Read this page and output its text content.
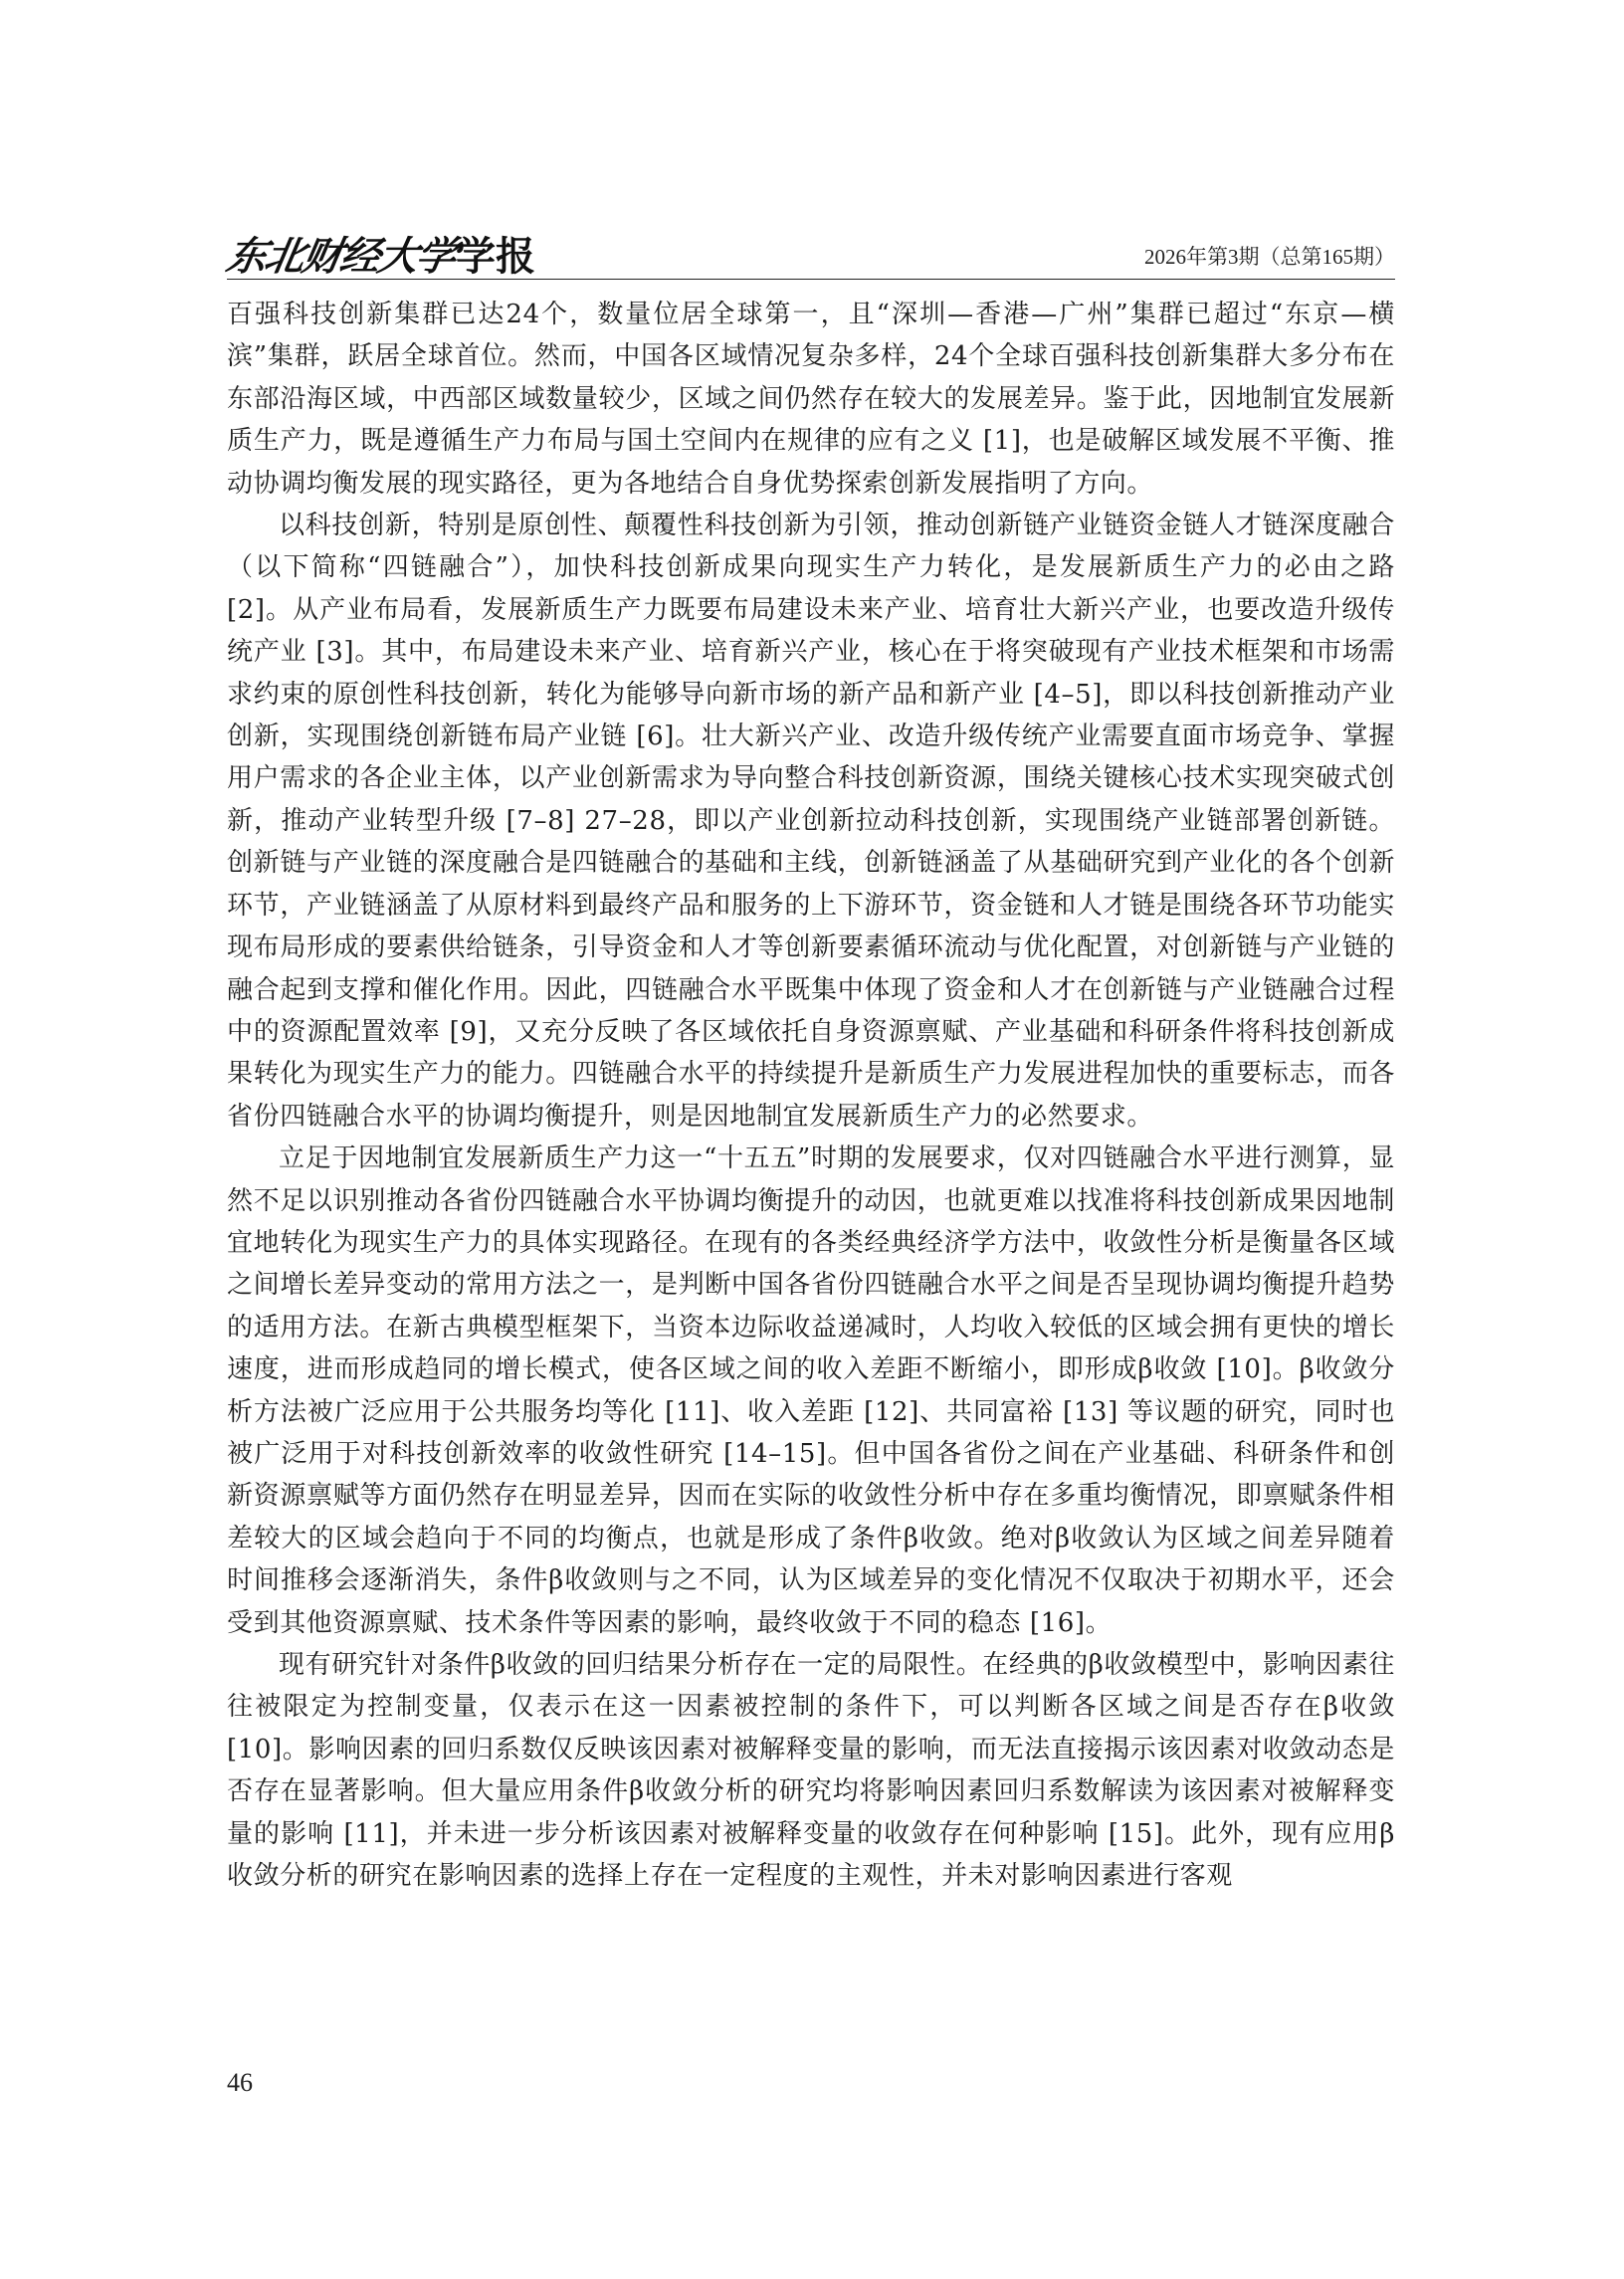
东北财经大学
学报	2026年第3期（总第165期）

百强科技创新集群已达24个，数量位居全球第一，且“深圳—香港—广州”集群已超过“东京—横滨”集群，跃居全球首位。然而，中国各区域情况复杂多样，24个全球百强科技创新集群大多分布在东部沿海区域，中西部区域数量较少，区域之间仍然存在较大的发展差异。鉴于此，因地制宜发展新质生产力，既是遵循生产力布局与国土空间内在规律的应有之义 [1]，也是破解区域发展不平衡、推动协调均衡发展的现实路径，更为各地结合自身优势探索创新发展指明了方向。

以科技创新，特别是原创性、颠覆性科技创新为引领，推动创新链产业链资金链人才链深度融合（以下简称“四链融合”），加快科技创新成果向现实生产力转化，是发展新质生产力的必由之路 [2]。从产业布局看，发展新质生产力既要布局建设未来产业、培育壮大新兴产业，也要改造升级传统产业 [3]。其中，布局建设未来产业、培育新兴产业，核心在于将突破现有产业技术框架和市场需求约束的原创性科技创新，转化为能够导向新市场的新产品和新产业 [4–5]，即以科技创新推动产业创新，实现围绕创新链布局产业链 [6]。壮大新兴产业、改造升级传统产业需要直面市场竞争、掌握用户需求的各企业主体，以产业创新需求为导向整合科技创新资源，围绕关键核心技术实现突破式创新，推动产业转型升级 [7–8] 27–28，即以产业创新拉动科技创新，实现围绕产业链部署创新链。创新链与产业链的深度融合是四链融合的基础和主线，创新链涵盖了从基础研究到产业化的各个创新环节，产业链涵盖了从原材料到最终产品和服务的上下游环节，资金链和人才链是围绕各环节功能实现布局形成的要素供给链条，引导资金和人才等创新要素循环流动与优化配置，对创新链与产业链的融合起到支撑和催化作用。因此，四链融合水平既集中体现了资金和人才在创新链与产业链融合过程中的资源配置效率 [9]，又充分反映了各区域依托自身资源禀赋、产业基础和科研条件将科技创新成果转化为现实生产力的能力。四链融合水平的持续提升是新质生产力发展进程加快的重要标志，而各省份四链融合水平的协调均衡提升，则是因地制宜发展新质生产力的必然要求。

立足于因地制宜发展新质生产力这一“十五五”时期的发展要求，仅对四链融合水平进行测算，显然不足以识别推动各省份四链融合水平协调均衡提升的动因，也就更难以找准将科技创新成果因地制宜地转化为现实生产力的具体实现路径。在现有的各类经典经济学方法中，收敛性分析是衡量各区域之间增长差异变动的常用方法之一，是判断中国各省份四链融合水平之间是否呈现协调均衡提升趋势的适用方法。在新古典模型框架下，当资本边际收益递减时，人均收入较低的区域会拥有更快的增长速度，进而形成趋同的增长模式，使各区域之间的收入差距不断缩小，即形成β收敛 [10]。β收敛分析方法被广泛应用于公共服务均等化 [11]、收入差距 [12]、共同富裕 [13] 等议题的研究，同时也被广泛用于对科技创新效率的收敛性研究 [14–15]。但中国各省份之间在产业基础、科研条件和创新资源禀赋等方面仍然存在明显差异，因而在实际的收敛性分析中存在多重均衡情况，即禀赋条件相差较大的区域会趋向于不同的均衡点，也就是形成了条件β收敛。绝对β收敛认为区域之间差异随着时间推移会逐渐消失，条件β收敛则与之不同，认为区域差异的变化情况不仅取决于初期水平，还会受到其他资源禀赋、技术条件等因素的影响，最终收敛于不同的稳态 [16]。

现有研究针对条件β收敛的回归结果分析存在一定的局限性。在经典的β收敛模型中，影响因素往往被限定为控制变量，仅表示在这一因素被控制的条件下，可以判断各区域之间是否存在β收敛 [10]。影响因素的回归系数仅反映该因素对被解释变量的影响，而无法直接揭示该因素对收敛动态是否存在显著影响。但大量应用条件β收敛分析的研究均将影响因素回归系数解读为该因素对被解释变量的影响 [11]，并未进一步分析该因素对被解释变量的收敛存在何种影响 [15]。此外，现有应用β收敛分析的研究在影响因素的选择上存在一定程度的主观性，并未对影响因素进行客观

46
